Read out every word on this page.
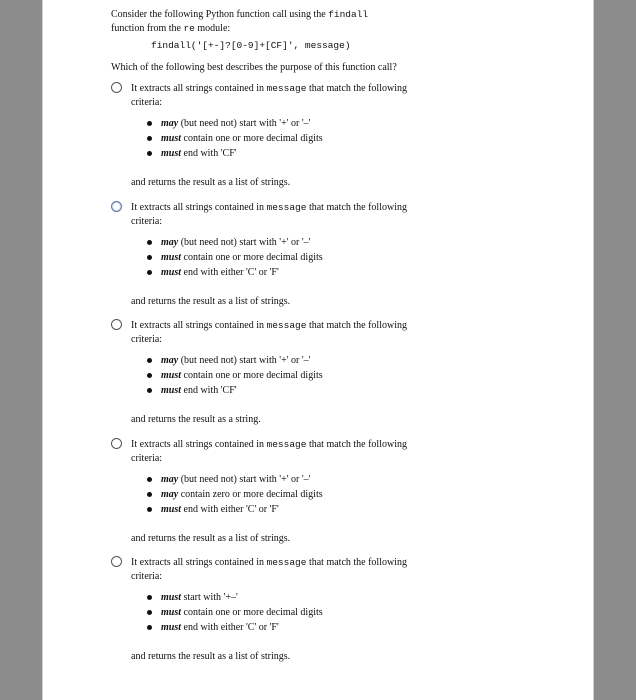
Consider the following Python function call using the findall
function from the re module:
findall('[+-]?[0-9]+[CF]', message)
Which of the following best describes the purpose of this function call?
It extracts all strings contained in message that match the following criteria:
may (but need not) start with '+' or '–'
must contain one or more decimal digits
must end with 'CF'
and returns the result as a list of strings.
It extracts all strings contained in message that match the following criteria:
may (but need not) start with '+' or '–'
must contain one or more decimal digits
must end with either 'C' or 'F'
and returns the result as a list of strings.
It extracts all strings contained in message that match the following criteria:
may (but need not) start with '+' or '–'
must contain one or more decimal digits
must end with 'CF'
and returns the result as a string.
It extracts all strings contained in message that match the following criteria:
may (but need not) start with '+' or '–'
may contain zero or more decimal digits
must end with either 'C' or 'F'
and returns the result as a list of strings.
It extracts all strings contained in message that match the following criteria:
must start with '+–'
must contain one or more decimal digits
must end with either 'C' or 'F'
and returns the result as a list of strings.
